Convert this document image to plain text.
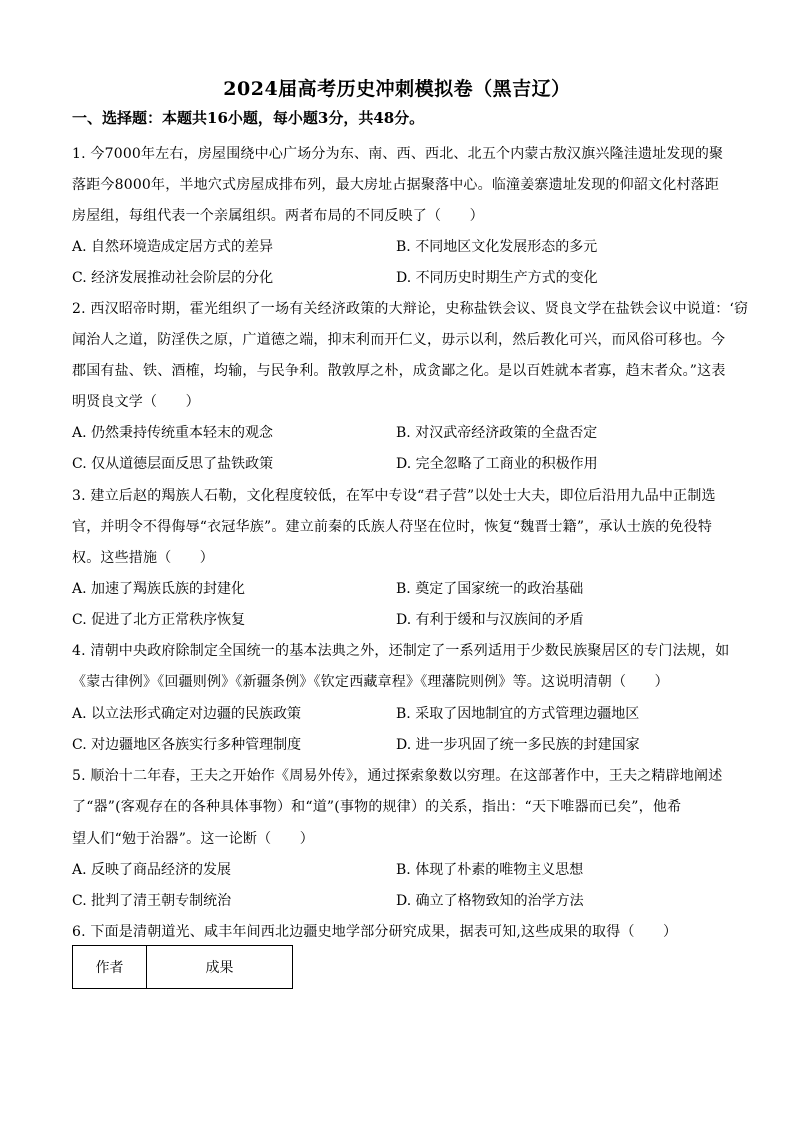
2024届高考历史冲刺模拟卷（黑吉辽）
一、选择题：本题共16小题，每小题3分，共48分。
1. 今7000年左右，房屋围绕中心广场分为东、南、西、西北、北五个内蒙古敖汉旗兴隆洼遗址发现的聚
落距今8000年，半地穴式房屋成排布列，最大房址占据聚落中心。临潼姜寨遗址发现的仰韶文化村落距
房屋组，每组代表一个亲属组织。两者布局的不同反映了（　　）
A. 自然环境造成定居方式的差异	B. 不同地区文化发展形态的多元
C. 经济发展推动社会阶层的分化	D. 不同历史时期生产方式的变化
2. 西汉昭帝时期，霍光组织了一场有关经济政策的大辩论，史称盐铁会议、贤良文学在盐铁会议中说道：‘窃
闻治人之道，防淫佚之原，广道德之端，抑末利而开仁义，毋示以利，然后教化可兴，而风俗可移也。今
郡国有盐、铁、酒榷，均输，与民争利。散敦厚之朴，成贪鄙之化。是以百姓就本者寡，趋末者众。”这表
明贤良文学（　　）
A. 仍然秉持传统重本轻末的观念	B. 对汉武帝经济政策的全盘否定
C. 仅从道德层面反思了盐铁政策	D. 完全忽略了工商业的积极作用
3. 建立后赵的羯族人石勒，文化程度较低，在军中专设“君子营”以处士大夫，即位后沿用九品中正制选
官，并明令不得侮辱“衣冠华族”。建立前秦的氐族人苻坚在位时，恢复“魏晋士籍”，承认士族的免役特
权。这些措施（　　）
A. 加速了羯族氐族的封建化	B. 奠定了国家统一的政治基础
C. 促进了北方正常秩序恢复	D. 有利于缓和与汉族间的矛盾
4. 清朝中央政府除制定全国统一的基本法典之外，还制定了一系列适用于少数民族聚居区的专门法规，如
《蒙古律例》《回疆则例》《新疆条例》《钦定西藏章程》《理藩院则例》等。这说明清朝（　　）
A. 以立法形式确定对边疆的民族政策	B. 采取了因地制宜的方式管理边疆地区
C. 对边疆地区各族实行多种管理制度	D. 进一步巩固了统一多民族的封建国家
5. 顺治十二年春，王夫之开始作《周易外传》，通过探索象数以穷理。在这部著作中，王夫之精辟地阐述
了“器”(客观存在的各种具体事物）和“道”(事物的规律）的关系，指出：“天下唯器而已矣”，他希
望人们“勉于治器”。这一论断（　　）
A. 反映了商品经济的发展	B. 体现了朴素的唯物主义思想
C. 批判了清王朝专制统治	D. 确立了格物致知的治学方法
6. 下面是清朝道光、咸丰年间西北边疆史地学部分研究成果，据表可知,这些成果的取得（　　）
作者	成果
